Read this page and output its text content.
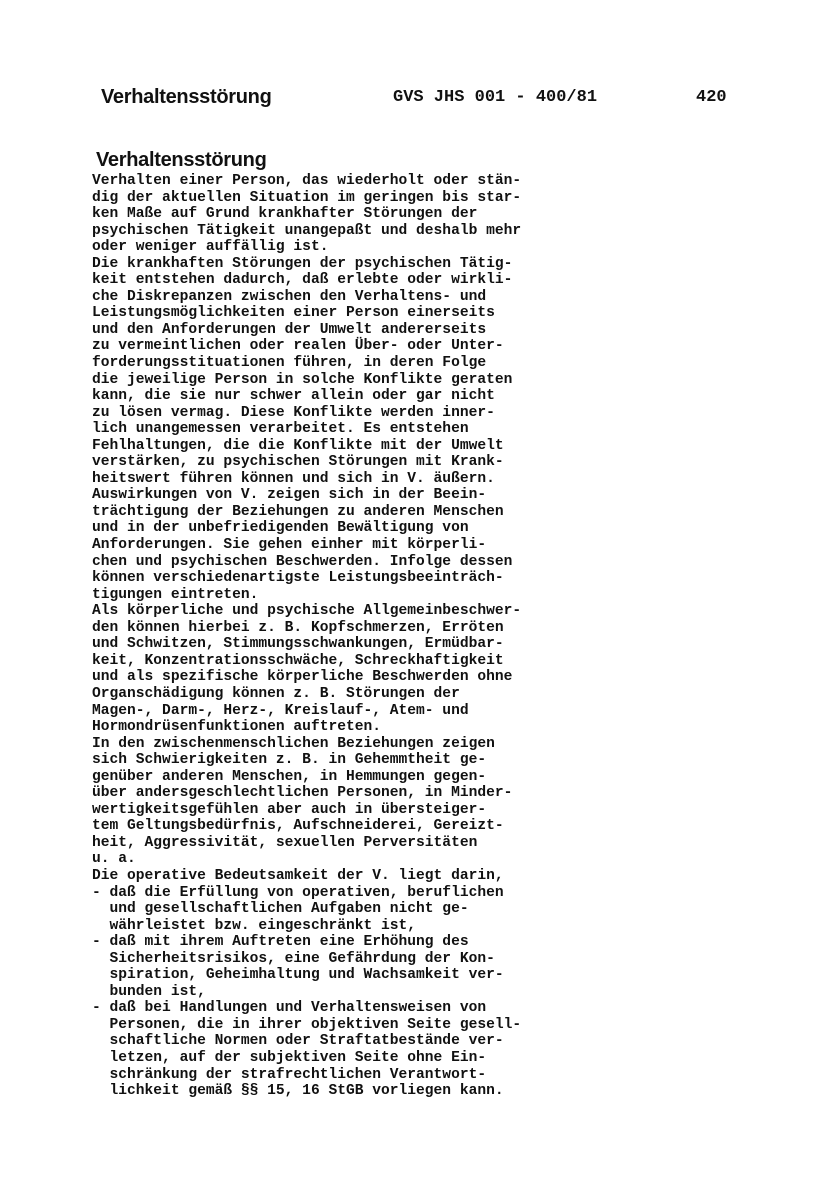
Verhaltensstörung	GVS JHS 001 - 400/81	420
Verhaltensstörung
Verhalten einer Person, das wiederholt oder stän-
dig der aktuellen Situation im geringen bis star-
ken Maße auf Grund krankhafter Störungen der
psychischen Tätigkeit unangepaßt und deshalb mehr
oder weniger auffällig ist.
Die krankhaften Störungen der psychischen Tätig-
keit entstehen dadurch, daß erlebte oder wirkli-
che Diskrepanzen zwischen den Verhaltens- und
Leistungsmöglichkeiten einer Person einerseits
und den Anforderungen der Umwelt andererseits
zu vermeintlichen oder realen Über- oder Unter-
forderungsstituationen führen, in deren Folge
die jeweilige Person in solche Konflikte geraten
kann, die sie nur schwer allein oder gar nicht
zu lösen vermag. Diese Konflikte werden inner-
lich unangemessen verarbeitet. Es entstehen
Fehlhaltungen, die die Konflikte mit der Umwelt
verstärken, zu psychischen Störungen mit Krank-
heitswert führen können und sich in V. äußern.
Auswirkungen von V. zeigen sich in der Beein-
trächtigung der Beziehungen zu anderen Menschen
und in der unbefriedigenden Bewältigung von
Anforderungen. Sie gehen einher mit körperli-
chen und psychischen Beschwerden. Infolge dessen
können verschiedenartigste Leistungsbeeinträch-
tigungen eintreten.
Als körperliche und psychische Allgemeinbeschwer-
den können hierbei z. B. Kopfschmerzen, Erröten
und Schwitzen, Stimmungsschwankungen, Ermüdbar-
keit, Konzentrationsschwäche, Schreckhaftigkeit
und als spezifische körperliche Beschwerden ohne
Organschädigung können z. B. Störungen der
Magen-, Darm-, Herz-, Kreislauf-, Atem- und
Hormondrüsenfunktionen auftreten.
In den zwischenmenschlichen Beziehungen zeigen
sich Schwierigkeiten z. B. in Gehemmtheit ge-
genüber anderen Menschen, in Hemmungen gegen-
über andersgeschlechtlichen Personen, in Minder-
wertigkeitsgefühlen aber auch in übersteiger-
tem Geltungsbedürfnis, Aufschneiderei, Gereizt-
heit, Aggressivität, sexuellen Perversitäten
u. a.
Die operative Bedeutsamkeit der V. liegt darin,
- daß die Erfüllung von operativen, beruflichen
und gesellschaftlichen Aufgaben nicht ge-
währleistet bzw. eingeschränkt ist,
- daß mit ihrem Auftreten eine Erhöhung des
Sicherheitsrisikos, eine Gefährdung der Kon-
spiration, Geheimhaltung und Wachsamkeit ver-
bunden ist,
- daß bei Handlungen und Verhaltensweisen von
Personen, die in ihrer objektiven Seite gesell-
schaftliche Normen oder Straftatbestände ver-
letzen, auf der subjektiven Seite ohne Ein-
schränkung der strafrechtlichen Verantwort-
lichkeit gemäß §§ 15, 16 StGB vorliegen kann.
